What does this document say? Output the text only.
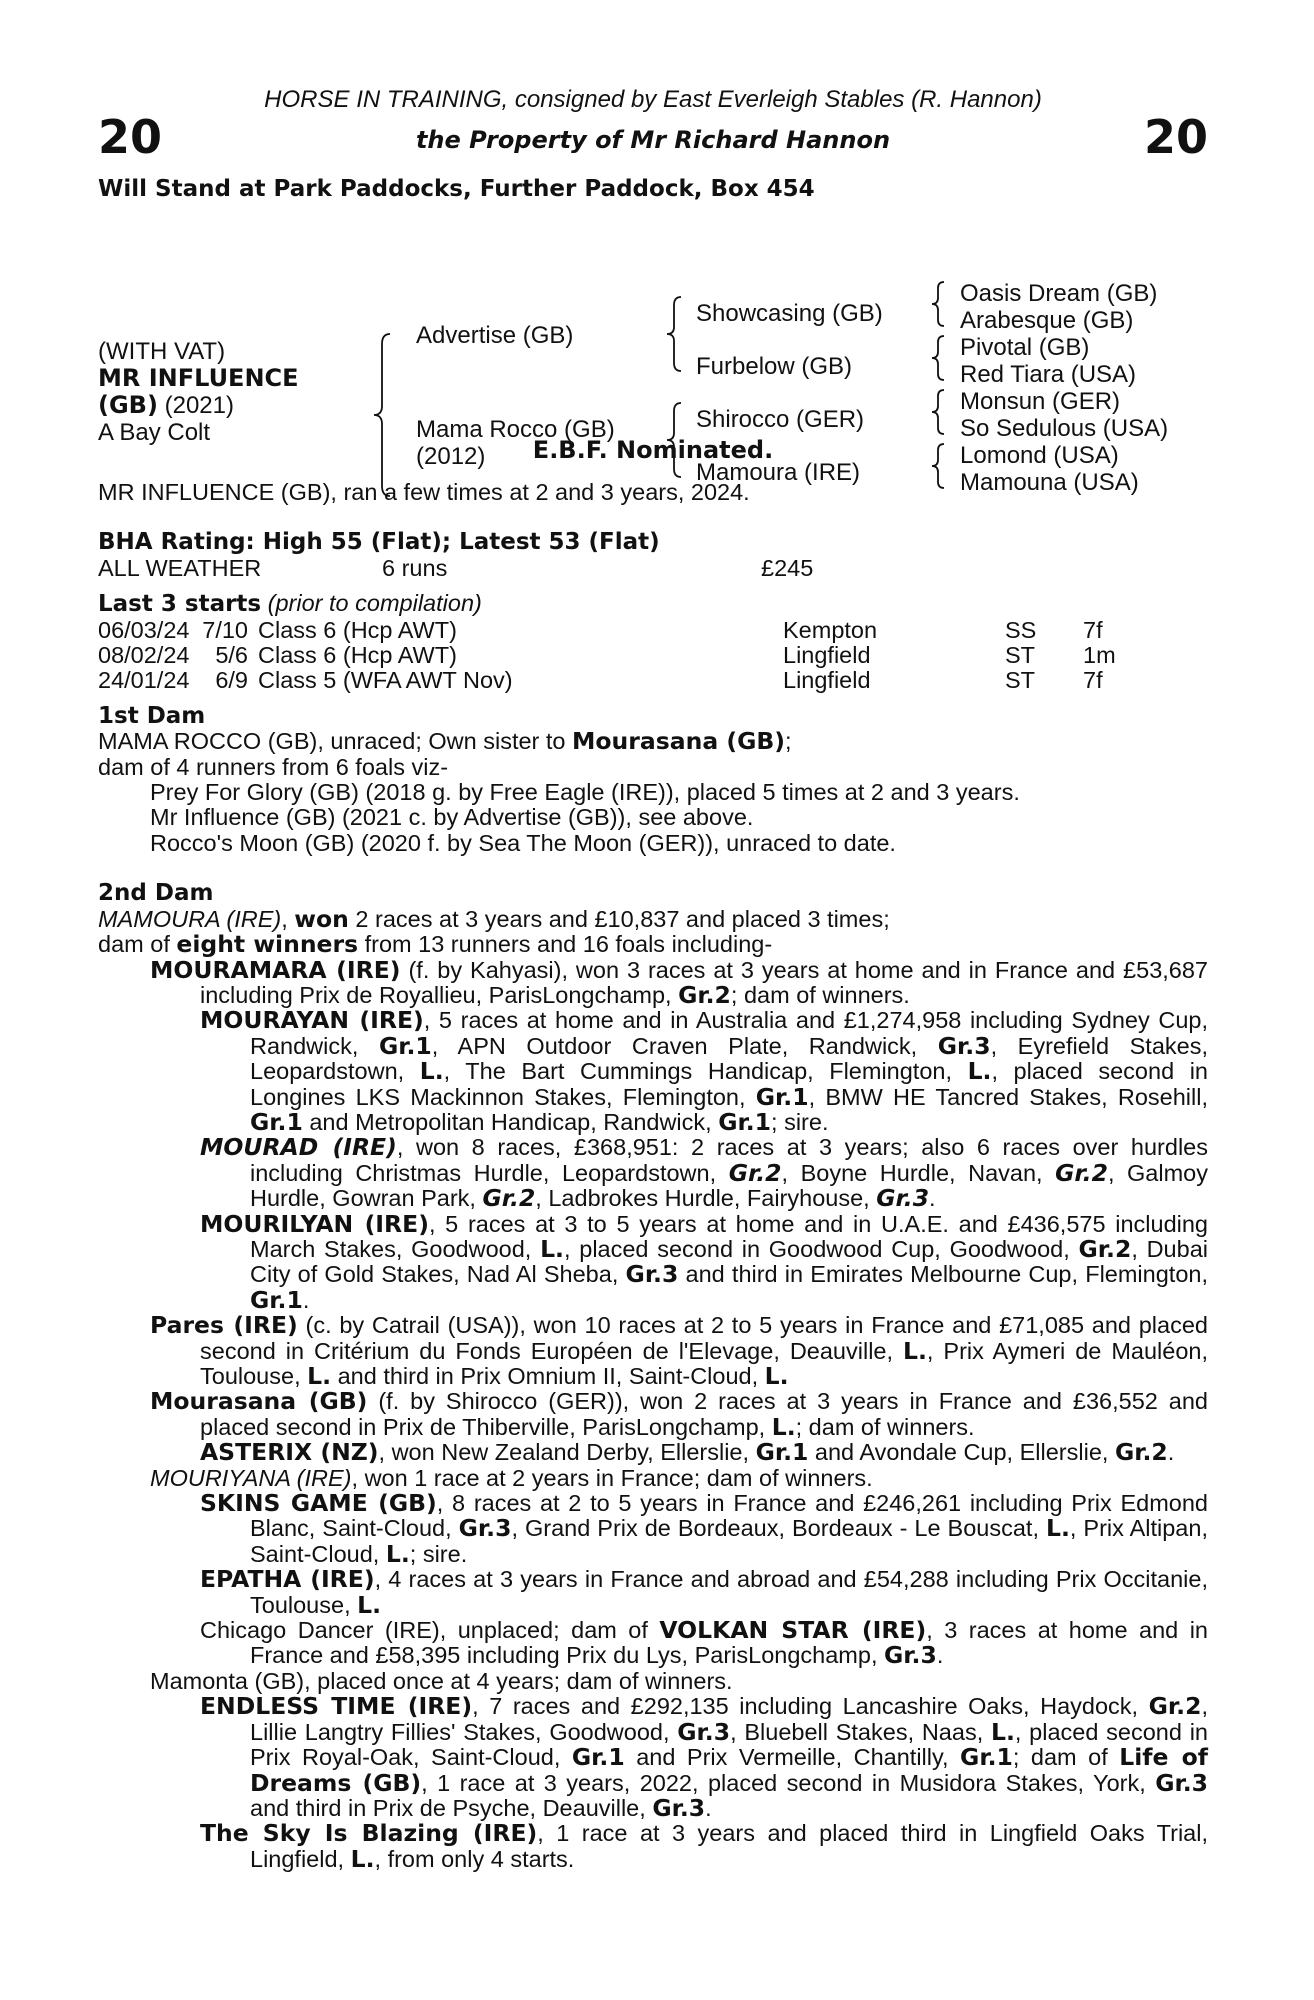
20
HORSE IN TRAINING, consigned by East Everleigh Stables (R. Hannon)
the Property of Mr Richard Hannon	20
Will Stand at Park Paddocks, Further Paddock, Box 454
(WITH VAT)
MR INFLUENCE
(GB) (2021)
A Bay Colt
Advertise (GB)
Mama Rocco (GB)
(2012)
Showcasing (GB)
Furbelow (GB)
Shirocco (GER)
Mamoura (IRE)
Oasis Dream (GB)
Arabesque (GB)
Pivotal (GB)
Red Tiara (USA)
Monsun (GER)
So Sedulous (USA)
Lomond (USA)
Mamouna (USA)
E.B.F. Nominated.

MR INFLUENCE (GB), ran a few times at 2 and 3 years, 2024.

BHA Rating: High 55 (Flat); Latest 53 (Flat)

ALL WEATHER	6 runs	£245

Last 3 starts (prior to compilation)

06/03/24 7/10 Class 6 (Hcp AWT)	Kempton	SS	7f
08/02/24	5/6 Class 6 (Hcp AWT)	Lingfield	ST	1m
24/01/24	6/9 Class 5 (WFA AWT Nov)	Lingfield	ST	7f

1st Dam

MAMA ROCCO (GB), unraced; Own sister to Mourasana (GB);

dam of 4 runners from 6 foals viz-

Prey For Glory (GB) (2018 g. by Free Eagle (IRE)), placed 5 times at 2 and 3 years.

Mr Influence (GB) (2021 c. by Advertise (GB)), see above.

Rocco's Moon (GB) (2020 f. by Sea The Moon (GER)), unraced to date.

2nd Dam

MAMOURA (IRE), won 2 races at 3 years and £10,837 and placed 3 times;

dam of eight winners from 13 runners and 16 foals including-

MOURAMARA (IRE) (f. by Kahyasi), won 3 races at 3 years at home and in France and £53,687 including Prix de Royallieu, ParisLongchamp, Gr.2; dam of winners.

MOURAYAN (IRE), 5 races at home and in Australia and £1,274,958 including Sydney Cup, Randwick, Gr.1, APN Outdoor Craven Plate, Randwick, Gr.3, Eyrefield Stakes, Leopardstown, L., The Bart Cummings Handicap, Flemington, L., placed second in Longines LKS Mackinnon Stakes, Flemington, Gr.1, BMW HE Tancred Stakes, Rosehill, Gr.1 and Metropolitan Handicap, Randwick, Gr.1; sire.

MOURAD (IRE), won 8 races, £368,951: 2 races at 3 years; also 6 races over hurdles including Christmas Hurdle, Leopardstown, Gr.2, Boyne Hurdle, Navan, Gr.2, Galmoy Hurdle, Gowran Park, Gr.2, Ladbrokes Hurdle, Fairyhouse, Gr.3.

MOURILYAN (IRE), 5 races at 3 to 5 years at home and in U.A.E. and £436,575 including March Stakes, Goodwood, L., placed second in Goodwood Cup, Goodwood, Gr.2, Dubai City of Gold Stakes, Nad Al Sheba, Gr.3 and third in Emirates Melbourne Cup, Flemington, Gr.1.

Pares (IRE) (c. by Catrail (USA)), won 10 races at 2 to 5 years in France and £71,085 and placed second in Critérium du Fonds Européen de l'Elevage, Deauville, L., Prix Aymeri de Mauléon, Toulouse, L. and third in Prix Omnium II, Saint-Cloud, L.

Mourasana (GB) (f. by Shirocco (GER)), won 2 races at 3 years in France and £36,552 and placed second in Prix de Thiberville, ParisLongchamp, L.; dam of winners.

ASTERIX (NZ), won New Zealand Derby, Ellerslie, Gr.1 and Avondale Cup, Ellerslie, Gr.2.

MOURIYANA (IRE), won 1 race at 2 years in France; dam of winners.

SKINS GAME (GB), 8 races at 2 to 5 years in France and £246,261 including Prix Edmond Blanc, Saint-Cloud, Gr.3, Grand Prix de Bordeaux, Bordeaux - Le Bouscat, L., Prix Altipan, Saint-Cloud, L.; sire.

EPATHA (IRE), 4 races at 3 years in France and abroad and £54,288 including Prix Occitanie, Toulouse, L.

Chicago Dancer (IRE), unplaced; dam of VOLKAN STAR (IRE), 3 races at home and in France and £58,395 including Prix du Lys, ParisLongchamp, Gr.3.

Mamonta (GB), placed once at 4 years; dam of winners.

ENDLESS TIME (IRE), 7 races and £292,135 including Lancashire Oaks, Haydock, Gr.2, Lillie Langtry Fillies' Stakes, Goodwood, Gr.3, Bluebell Stakes, Naas, L., placed second in Prix Royal-Oak, Saint-Cloud, Gr.1 and Prix Vermeille, Chantilly, Gr.1; dam of Life of Dreams (GB), 1 race at 3 years, 2022, placed second in Musidora Stakes, York, Gr.3 and third in Prix de Psyche, Deauville, Gr.3.

The Sky Is Blazing (IRE), 1 race at 3 years and placed third in Lingfield Oaks Trial, Lingfield, L., from only 4 starts.
